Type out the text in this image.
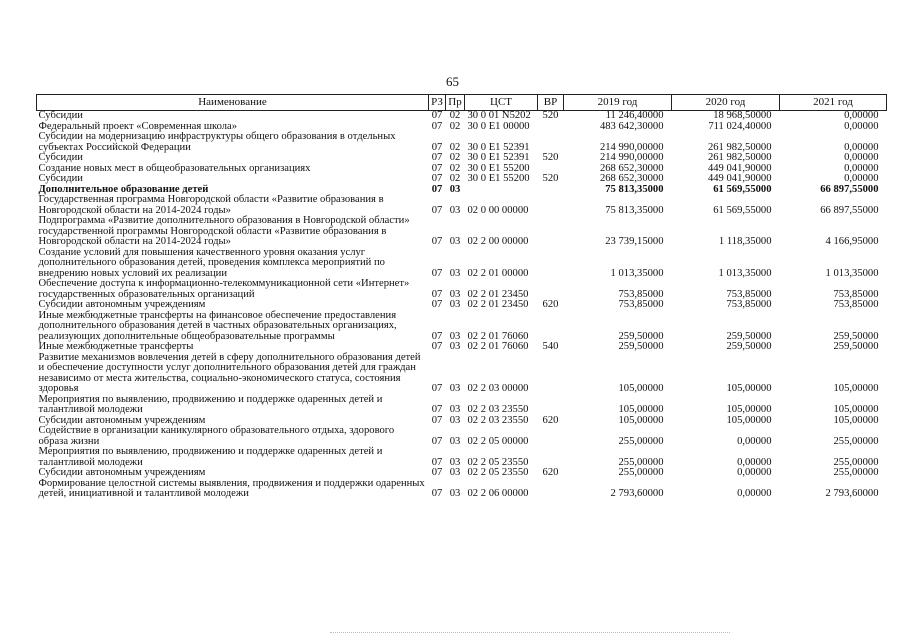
65
Наименование	РЗ	Пр	ЦСТ	ВР	2019 год	2020 год	2021 год
Субсидии	07	02	30 0 01 N5202	520	11 246,40000	18 968,50000	0,00000
Федеральный проект «Современная школа»	07	02	30 0 E1 00000		483 642,30000	711 024,40000	0,00000
Субсидии на модернизацию инфраструктуры общего образования в отдельных субъектах Российской Федерации	07	02	30 0 E1 52391		214 990,00000	261 982,50000	0,00000
Субсидии	07	02	30 0 E1 52391	520	214 990,00000	261 982,50000	0,00000
Создание новых мест в общеобразовательных организациях	07	02	30 0 E1 55200		268 652,30000	449 041,90000	0,00000
Субсидии	07	02	30 0 E1 55200	520	268 652,30000	449 041,90000	0,00000
Дополнительное образование детей	07	03			75 813,35000	61 569,55000	66 897,55000
Государственная программа Новгородской области «Развитие образования в Новгородской области на 2014-2024 годы»	07	03	02 0 00 00000		75 813,35000	61 569,55000	66 897,55000
Подпрограмма «Развитие дополнительного образования в Новгородской области» государственной программы Новгородской области «Развитие образования в Новгородской области на 2014-2024 годы»	07	03	02 2 00 00000		23 739,15000	1 118,35000	4 166,95000
Создание условий для повышения качественного уровня оказания услуг дополнительного образования детей, проведения комплекса мероприятий по внедрению новых условий их реализации	07	03	02 2 01 00000		1 013,35000	1 013,35000	1 013,35000
Обеспечение доступа к информационно-телекоммуникационной сети «Интернет» государственных образовательных организаций	07	03	02 2 01 23450		753,85000	753,85000	753,85000
Субсидии автономным учреждениям	07	03	02 2 01 23450	620	753,85000	753,85000	753,85000
Иные межбюджетные трансферты на финансовое обеспечение предоставления дополнительного образования детей в частных образовательных организациях, реализующих дополнительные общеобразовательные программы	07	03	02 2 01 76060		259,50000	259,50000	259,50000
Иные межбюджетные трансферты	07	03	02 2 01 76060	540	259,50000	259,50000	259,50000
Развитие механизмов вовлечения детей в сферу дополнительного образования детей и обеспечение доступности услуг дополнительного образования детей для граждан независимо от места жительства, социально-экономического статуса, состояния здоровья	07	03	02 2 03 00000		105,00000	105,00000	105,00000
Мероприятия по выявлению, продвижению и поддержке одаренных детей и талантливой молодежи	07	03	02 2 03 23550		105,00000	105,00000	105,00000
Субсидии автономным учреждениям	07	03	02 2 03 23550	620	105,00000	105,00000	105,00000
Содействие в организации каникулярного образовательного отдыха, здорового образа жизни	07	03	02 2 05 00000		255,00000	0,00000	255,00000
Мероприятия по выявлению, продвижению и поддержке одаренных детей и талантливой молодежи	07	03	02 2 05 23550		255,00000	0,00000	255,00000
Субсидии автономным учреждениям	07	03	02 2 05 23550	620	255,00000	0,00000	255,00000
Формирование целостной системы выявления, продвижения и поддержки одаренных детей, инициативной и талантливой молодежи	07	03	02 2 06 00000		2 793,60000	0,00000	2 793,60000
